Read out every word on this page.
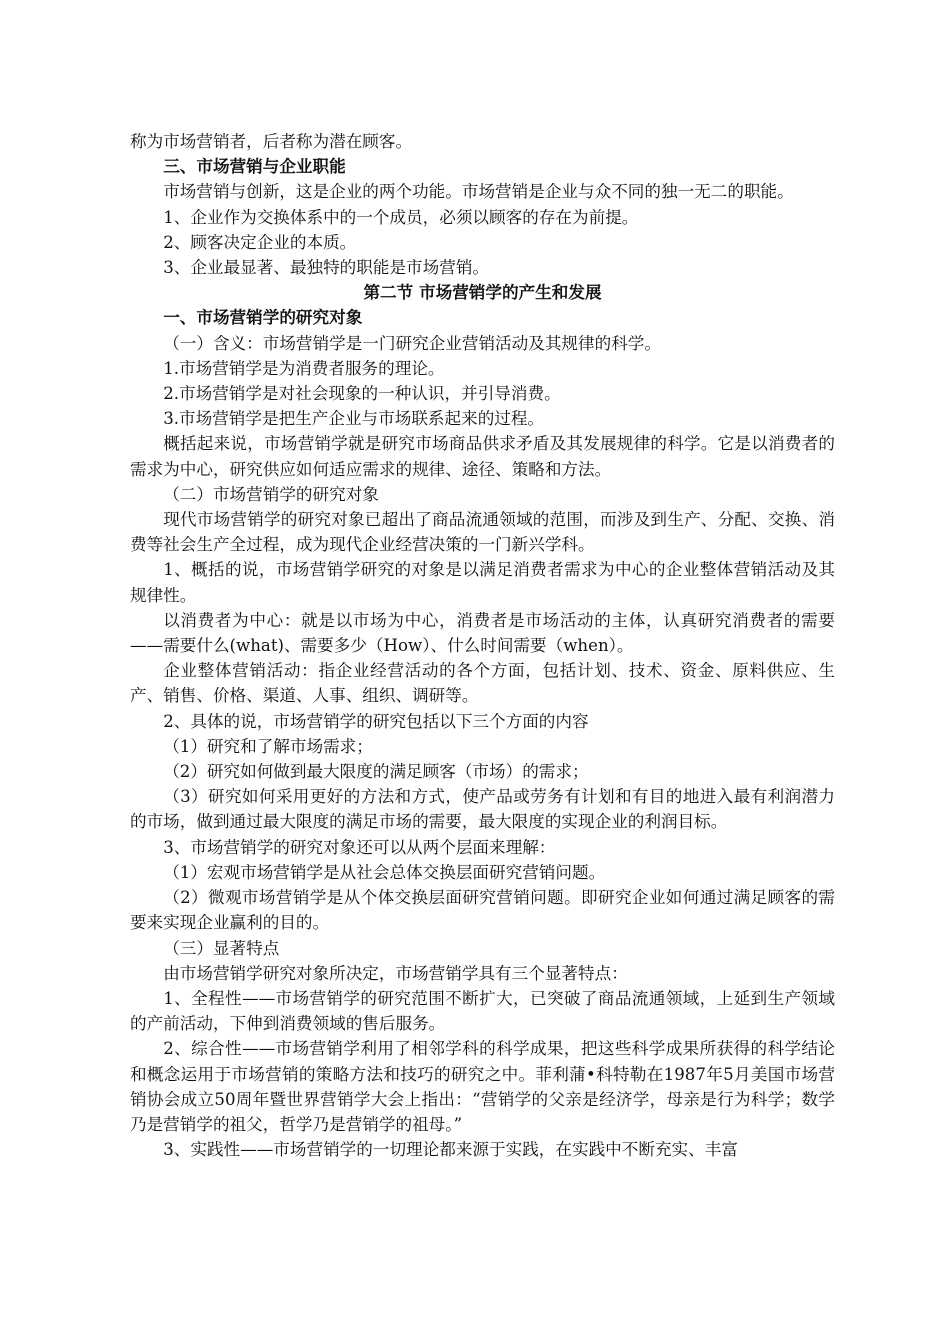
称为市场营销者，后者称为潜在顾客。

三、市场营销与企业职能

市场营销与创新，这是企业的两个功能。市场营销是企业与众不同的独一无二的职能。

1、企业作为交换体系中的一个成员，必须以顾客的存在为前提。

2、顾客决定企业的本质。

3、企业最显著、最独特的职能是市场营销。

第二节 市场营销学的产生和发展

一、市场营销学的研究对象

（一）含义：市场营销学是一门研究企业营销活动及其规律的科学。

1.市场营销学是为消费者服务的理论。

2.市场营销学是对社会现象的一种认识，并引导消费。

3.市场营销学是把生产企业与市场联系起来的过程。

概括起来说，市场营销学就是研究市场商品供求矛盾及其发展规律的科学。它是以消费者的需求为中心，研究供应如何适应需求的规律、途径、策略和方法。

（二）市场营销学的研究对象

现代市场营销学的研究对象已超出了商品流通领域的范围，而涉及到生产、分配、交换、消费等社会生产全过程，成为现代企业经营决策的一门新兴学科。

1、概括的说，市场营销学研究的对象是以满足消费者需求为中心的企业整体营销活动及其规律性。

以消费者为中心：就是以市场为中心，消费者是市场活动的主体，认真研究消费者的需要——需要什么(what)、需要多少（How）、什么时间需要（when）。

企业整体营销活动：指企业经营活动的各个方面，包括计划、技术、资金、原料供应、生产、销售、价格、渠道、人事、组织、调研等。

2、具体的说，市场营销学的研究包括以下三个方面的内容

（1）研究和了解市场需求；

（2）研究如何做到最大限度的满足顾客（市场）的需求；

（3）研究如何采用更好的方法和方式，使产品或劳务有计划和有目的地进入最有利润潜力的市场，做到通过最大限度的满足市场的需要，最大限度的实现企业的利润目标。

3、市场营销学的研究对象还可以从两个层面来理解：

（1）宏观市场营销学是从社会总体交换层面研究营销问题。

（2）微观市场营销学是从个体交换层面研究营销问题。即研究企业如何通过满足顾客的需要来实现企业赢利的目的。

（三）显著特点

由市场营销学研究对象所决定，市场营销学具有三个显著特点：

1、全程性——市场营销学的研究范围不断扩大，已突破了商品流通领域，上延到生产领域的产前活动，下伸到消费领域的售后服务。

2、综合性——市场营销学利用了相邻学科的科学成果，把这些科学成果所获得的科学结论和概念运用于市场营销的策略方法和技巧的研究之中。菲利蒲•科特勒在1987年5月美国市场营销协会成立50周年暨世界营销学大会上指出：“营销学的父亲是经济学，母亲是行为科学；数学乃是营销学的祖父，哲学乃是营销学的祖母。”

3、实践性——市场营销学的一切理论都来源于实践，在实践中不断充实、丰富
